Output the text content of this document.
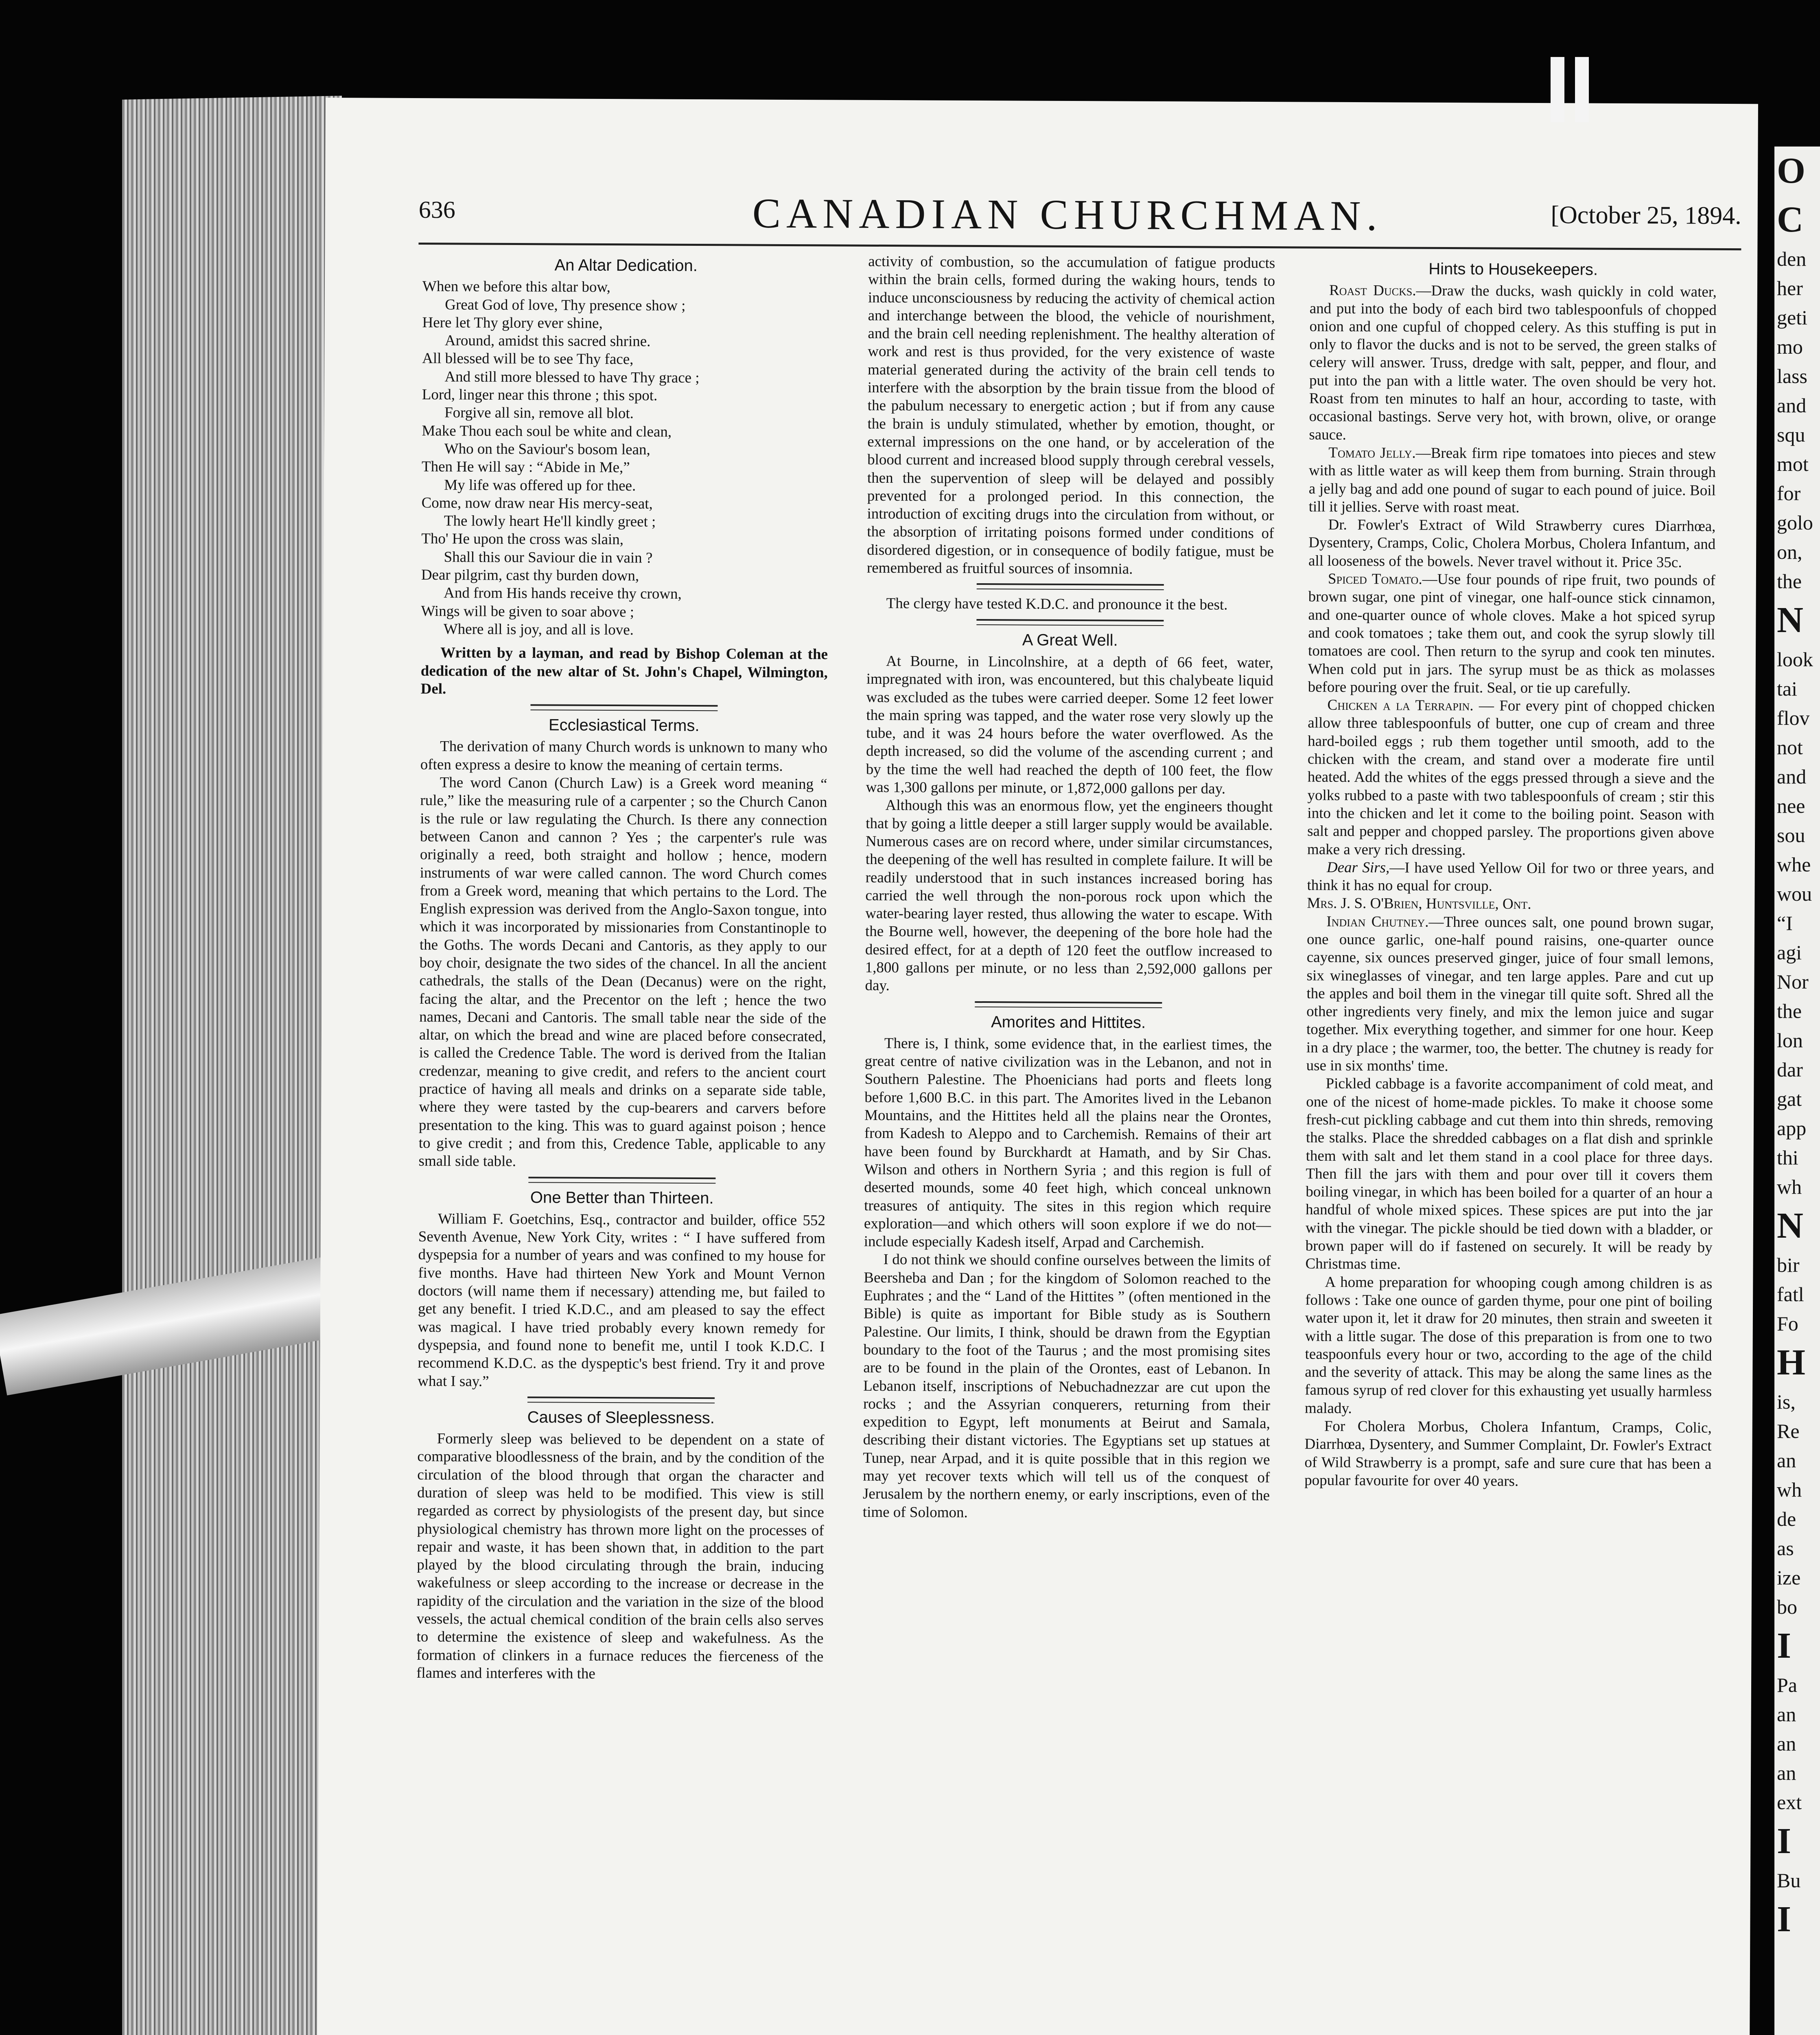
636	CANADIAN CHURCHMAN.	[October 25, 1894.
An Altar Dedication.
When we before this altar bow,
Great God of love, Thy presence show ;
Here let Thy glory ever shine,
Around, amidst this sacred shrine.
All blessed will be to see Thy face,
And still more blessed to have Thy grace ;
Lord, linger near this throne ; this spot.
Forgive all sin, remove all blot.
Make Thou each soul be white and clean,
Who on the Saviour's bosom lean,
Then He will say : “Abide in Me,”
My life was offered up for thee.
Come, now draw near His mercy-seat,
The lowly heart He'll kindly greet ;
Tho' He upon the cross was slain,
Shall this our Saviour die in vain ?
Dear pilgrim, cast thy burden down,
And from His hands receive thy crown,
Wings will be given to soar above ;
Where all is joy, and all is love.

Written by a layman, and read by Bishop Coleman at the dedication of the new altar of St. John's Chapel, Wilmington, Del.

Ecclesiastical Terms.

The derivation of many Church words is unknown to many who often express a desire to know the meaning of certain terms.

The word Canon (Church Law) is a Greek word meaning “ rule,” like the measuring rule of a carpenter ; so the Church Canon is the rule or law regulating the Church. Is there any connection between Canon and cannon ? Yes ; the carpenter's rule was originally a reed, both straight and hollow ; hence, modern instruments of war were called cannon. The word Church comes from a Greek word, meaning that which pertains to the Lord. The English expression was derived from the Anglo-Saxon tongue, into which it was incorporated by missionaries from Constantinople to the Goths. The words Decani and Cantoris, as they apply to our boy choir, designate the two sides of the chancel. In all the ancient cathedrals, the stalls of the Dean (Decanus) were on the right, facing the altar, and the Precentor on the left ; hence the two names, Decani and Cantoris. The small table near the side of the altar, on which the bread and wine are placed before consecrated, is called the Credence Table. The word is derived from the Italian credenzar, meaning to give credit, and refers to the ancient court practice of having all meals and drinks on a separate side table, where they were tasted by the cup-bearers and carvers before presentation to the king. This was to guard against poison ; hence to give credit ; and from this, Credence Table, applicable to any small side table.

One Better than Thirteen.

William F. Goetchins, Esq., contractor and builder, office 552 Seventh Avenue, New York City, writes : “ I have suffered from dyspepsia for a number of years and was confined to my house for five months. Have had thirteen New York and Mount Vernon doctors (will name them if necessary) attending me, but failed to get any benefit. I tried K.D.C., and am pleased to say the effect was magical. I have tried probably every known remedy for dyspepsia, and found none to benefit me, until I took K.D.C. I recommend K.D.C. as the dyspeptic's best friend. Try it and prove what I say.”

Causes of Sleeplessness.

Formerly sleep was believed to be dependent on a state of comparative bloodlessness of the brain, and by the condition of the circulation of the blood through that organ the character and duration of sleep was held to be modified. This view is still regarded as correct by physiologists of the present day, but since physiological chemistry has thrown more light on the processes of repair and waste, it has been shown that, in addition to the part played by the blood circulating through the brain, inducing wakefulness or sleep according to the increase or decrease in the rapidity of the circulation and the variation in the size of the blood vessels, the actual chemical condition of the brain cells also serves to determine the existence of sleep and wakefulness. As the formation of clinkers in a furnace reduces the fierceness of the flames and interferes with the

activity of combustion, so the accumulation of fatigue products within the brain cells, formed during the waking hours, tends to induce unconsciousness by reducing the activity of chemical action and interchange between the blood, the vehicle of nourishment, and the brain cell needing replenishment. The healthy alteration of work and rest is thus provided, for the very existence of waste material generated during the activity of the brain cell tends to interfere with the absorption by the brain tissue from the blood of the pabulum necessary to energetic action ; but if from any cause the brain is unduly stimulated, whether by emotion, thought, or external impressions on the one hand, or by acceleration of the blood current and increased blood supply through cerebral vessels, then the supervention of sleep will be delayed and possibly prevented for a prolonged period. In this connection, the introduction of exciting drugs into the circulation from without, or the absorption of irritating poisons formed under conditions of disordered digestion, or in consequence of bodily fatigue, must be remembered as fruitful sources of insomnia.

The clergy have tested K.D.C. and pronounce it the best.

A Great Well.

At Bourne, in Lincolnshire, at a depth of 66 feet, water, impregnated with iron, was encountered, but this chalybeate liquid was excluded as the tubes were carried deeper. Some 12 feet lower the main spring was tapped, and the water rose very slowly up the tube, and it was 24 hours before the water overflowed. As the depth increased, so did the volume of the ascending current ; and by the time the well had reached the depth of 100 feet, the flow was 1,300 gallons per minute, or 1,872,000 gallons per day.

Although this was an enormous flow, yet the engineers thought that by going a little deeper a still larger supply would be available. Numerous cases are on record where, under similar circumstances, the deepening of the well has resulted in complete failure. It will be readily understood that in such instances increased boring has carried the well through the non-porous rock upon which the water-bearing layer rested, thus allowing the water to escape. With the Bourne well, however, the deepening of the bore hole had the desired effect, for at a depth of 120 feet the outflow increased to 1,800 gallons per minute, or no less than 2,592,000 gallons per day.

Amorites and Hittites.

There is, I think, some evidence that, in the earliest times, the great centre of native civilization was in the Lebanon, and not in Southern Palestine. The Phoenicians had ports and fleets long before 1,600 B.C. in this part. The Amorites lived in the Lebanon Mountains, and the Hittites held all the plains near the Orontes, from Kadesh to Aleppo and to Carchemish. Remains of their art have been found by Burckhardt at Hamath, and by Sir Chas. Wilson and others in Northern Syria ; and this region is full of deserted mounds, some 40 feet high, which conceal unknown treasures of antiquity. The sites in this region which require exploration—and which others will soon explore if we do not—include especially Kadesh itself, Arpad and Carchemish.

I do not think we should confine ourselves between the limits of Beersheba and Dan ; for the kingdom of Solomon reached to the Euphrates ; and the “ Land of the Hittites ” (often mentioned in the Bible) is quite as important for Bible study as is Southern Palestine. Our limits, I think, should be drawn from the Egyptian boundary to the foot of the Taurus ; and the most promising sites are to be found in the plain of the Orontes, east of Lebanon. In Lebanon itself, inscriptions of Nebuchadnezzar are cut upon the rocks ; and the Assyrian conquerers, returning from their expedition to Egypt, left monuments at Beirut and Samala, describing their distant victories. The Egyptians set up statues at Tunep, near Arpad, and it is quite possible that in this region we may yet recover texts which will tell us of the conquest of Jerusalem by the northern enemy, or early inscriptions, even of the time of Solomon.

Hints to Housekeepers.

Roast Ducks.—Draw the ducks, wash quickly in cold water, and put into the body of each bird two tablespoonfuls of chopped onion and one cupful of chopped celery. As this stuffing is put in only to flavor the ducks and is not to be served, the green stalks of celery will answer. Truss, dredge with salt, pepper, and flour, and put into the pan with a little water. The oven should be very hot. Roast from ten minutes to half an hour, according to taste, with occasional bastings. Serve very hot, with brown, olive, or orange sauce.

Tomato Jelly.—Break firm ripe tomatoes into pieces and stew with as little water as will keep them from burning. Strain through a jelly bag and add one pound of sugar to each pound of juice. Boil till it jellies. Serve with roast meat.

Dr. Fowler's Extract of Wild Strawberry cures Diarrhœa, Dysentery, Cramps, Colic, Cholera Morbus, Cholera Infantum, and all looseness of the bowels. Never travel without it. Price 35c.

Spiced Tomato.—Use four pounds of ripe fruit, two pounds of brown sugar, one pint of vinegar, one half-ounce stick cinnamon, and one-quarter ounce of whole cloves. Make a hot spiced syrup and cook tomatoes ; take them out, and cook the syrup slowly till tomatoes are cool. Then return to the syrup and cook ten minutes. When cold put in jars. The syrup must be as thick as molasses before pouring over the fruit. Seal, or tie up carefully.

Chicken a la Terrapin. — For every pint of chopped chicken allow three tablespoonfuls of butter, one cup of cream and three hard-boiled eggs ; rub them together until smooth, add to the chicken with the cream, and stand over a moderate fire until heated. Add the whites of the eggs pressed through a sieve and the yolks rubbed to a paste with two tablespoonfuls of cream ; stir this into the chicken and let it come to the boiling point. Season with salt and pepper and chopped parsley. The proportions given above make a very rich dressing.

Dear Sirs,—I have used Yellow Oil for two or three years, and think it has no equal for croup.
Mrs. J. S. O'Brien, Huntsville, Ont.

Indian Chutney.—Three ounces salt, one pound brown sugar, one ounce garlic, one-half pound raisins, one-quarter ounce cayenne, six ounces preserved ginger, juice of four small lemons, six wineglasses of vinegar, and ten large apples. Pare and cut up the apples and boil them in the vinegar till quite soft. Shred all the other ingredients very finely, and mix the lemon juice and sugar together. Mix everything together, and simmer for one hour. Keep in a dry place ; the warmer, too, the better. The chutney is ready for use in six months' time.

Pickled cabbage is a favorite accompaniment of cold meat, and one of the nicest of home-made pickles. To make it choose some fresh-cut pickling cabbage and cut them into thin shreds, removing the stalks. Place the shredded cabbages on a flat dish and sprinkle them with salt and let them stand in a cool place for three days. Then fill the jars with them and pour over till it covers them boiling vinegar, in which has been boiled for a quarter of an hour a handful of whole mixed spices. These spices are put into the jar with the vinegar. The pickle should be tied down with a bladder, or brown paper will do if fastened on securely. It will be ready by Christmas time.

A home preparation for whooping cough among children is as follows : Take one ounce of garden thyme, pour one pint of boiling water upon it, let it draw for 20 minutes, then strain and sweeten it with a little sugar. The dose of this preparation is from one to two teaspoonfuls every hour or two, according to the age of the child and the severity of attack. This may be along the same lines as the famous syrup of red clover for this exhausting yet usually harmless malady.

For Cholera Morbus, Cholera Infantum, Cramps, Colic, Diarrhœa, Dysentery, and Summer Complaint, Dr. Fowler's Extract of Wild Strawberry is a prompt, safe and sure cure that has been a popular favourite for over 40 years.

O
C
den
her
geti
mo
lass
and
squ
mot
for
golo
on,
the
N
look
tai
flov
not
and
nee
sou
whe
wou
“I
agi
Nor
the
lon
dar
gat
app
thi
wh
N
bir
fatl
Fo
H
is,
Re
an
wh
de
as
ize
bo
I
Pa
an
an
an
ext
I
Bu
I
